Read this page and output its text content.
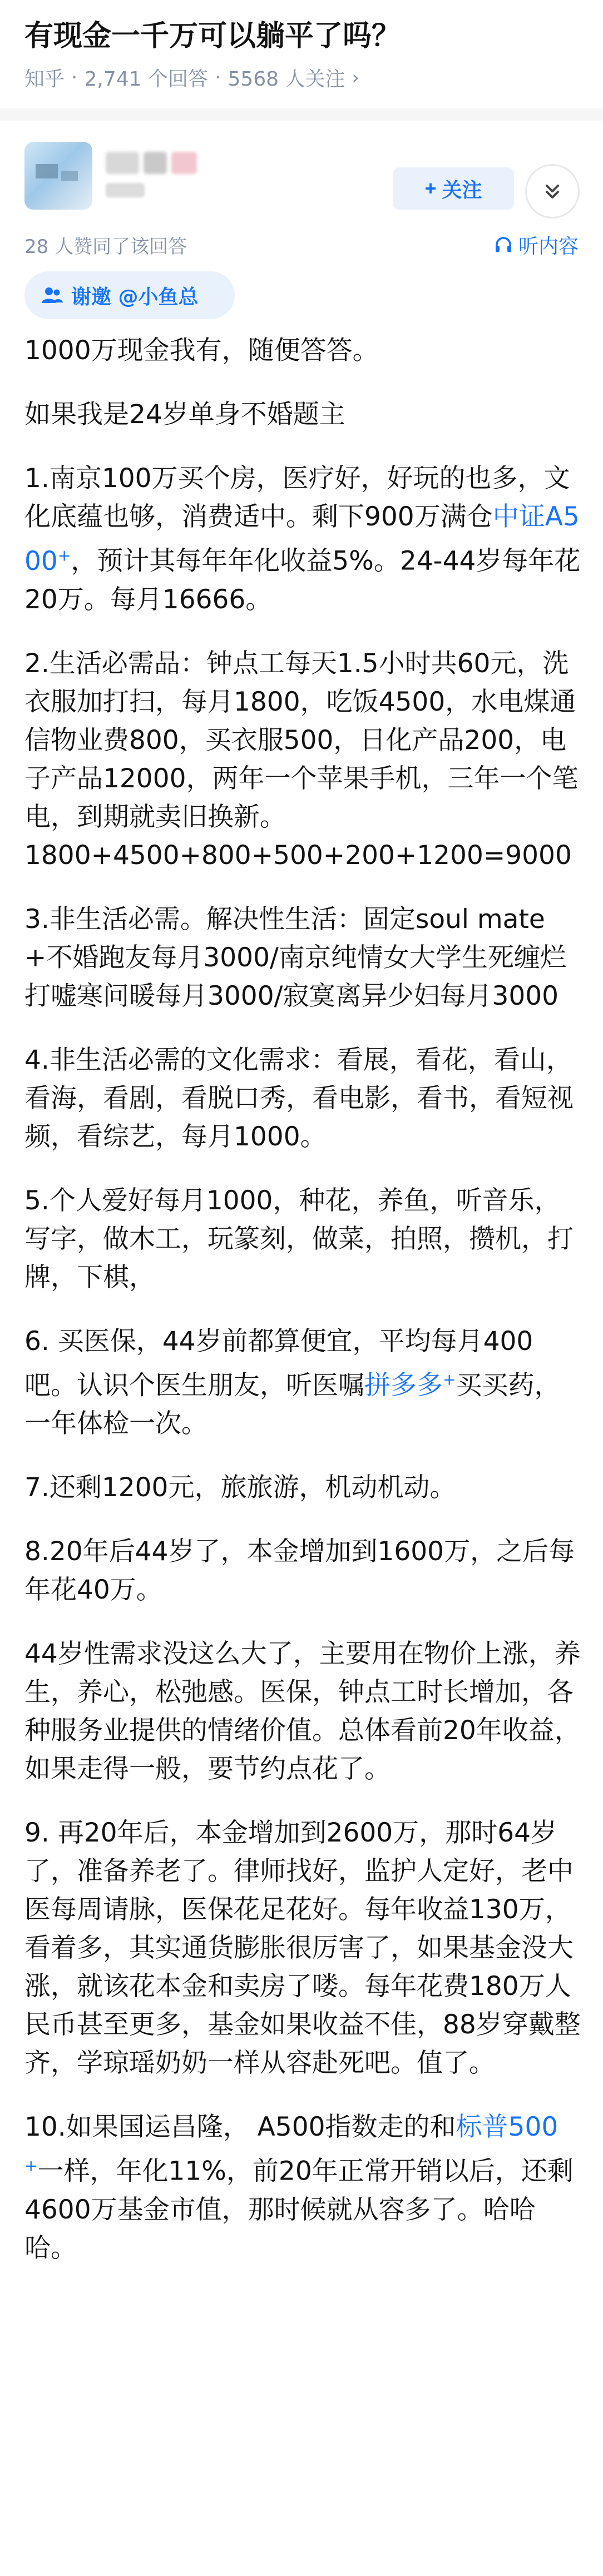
有现金一千万可以躺平了吗？
知乎 · 2,741 个回答 · 5568 人关注 ›
+ 关注
28 人赞同了该回答	听内容
谢邀 @小鱼总

1000万现金我有，随便答答。

如果我是24岁单身不婚题主

1.南京100万买个房，医疗好，好玩的也多，文化底蕴也够，消费适中。剩下900万满仓中证A500+，预计其每年年化收益5%。24-44岁每年花20万。每月16666。

2.生活必需品：钟点工每天1.5小时共60元，洗衣服加打扫，每月1800，吃饭4500，水电煤通信物业费800，买衣服500，日化产品200，电子产品12000，两年一个苹果手机，三年一个笔电，到期就卖旧换新。
1800+4500+800+500+200+1200=9000

3.非生活必需。解决性生活：固定soul mate+不婚跑友每月3000/南京纯情女大学生死缠烂打嘘寒问暖每月3000/寂寞离异少妇每月3000

4.非生活必需的文化需求：看展，看花，看山，看海，看剧，看脱口秀，看电影，看书，看短视频，看综艺，每月1000。

5.个人爱好每月1000，种花，养鱼，听音乐，写字，做木工，玩篆刻，做菜，拍照，攒机，打牌，下棋，

6. 买医保，44岁前都算便宜，平均每月400吧。认识个医生朋友，听医嘱拼多多+买买药，一年体检一次。

7.还剩1200元，旅旅游，机动机动。

8.20年后44岁了，本金增加到1600万，之后每年花40万。

44岁性需求没这么大了，主要用在物价上涨，养生，养心，松弛感。医保，钟点工时长增加，各种服务业提供的情绪价值。总体看前20年收益，如果走得一般，要节约点花了。

9. 再20年后，本金增加到2600万，那时64岁了，准备养老了。律师找好，监护人定好，老中医每周请脉，医保花足花好。每年收益130万，看着多，其实通货膨胀很厉害了，如果基金没大涨，就该花本金和卖房了喽。每年花费180万人民币甚至更多，基金如果收益不佳，88岁穿戴整齐，学琼瑶奶奶一样从容赴死吧。值了。

10.如果国运昌隆， A500指数走的和标普500+一样，年化11%，前20年正常开销以后，还剩4600万基金市值，那时候就从容多了。哈哈哈。
